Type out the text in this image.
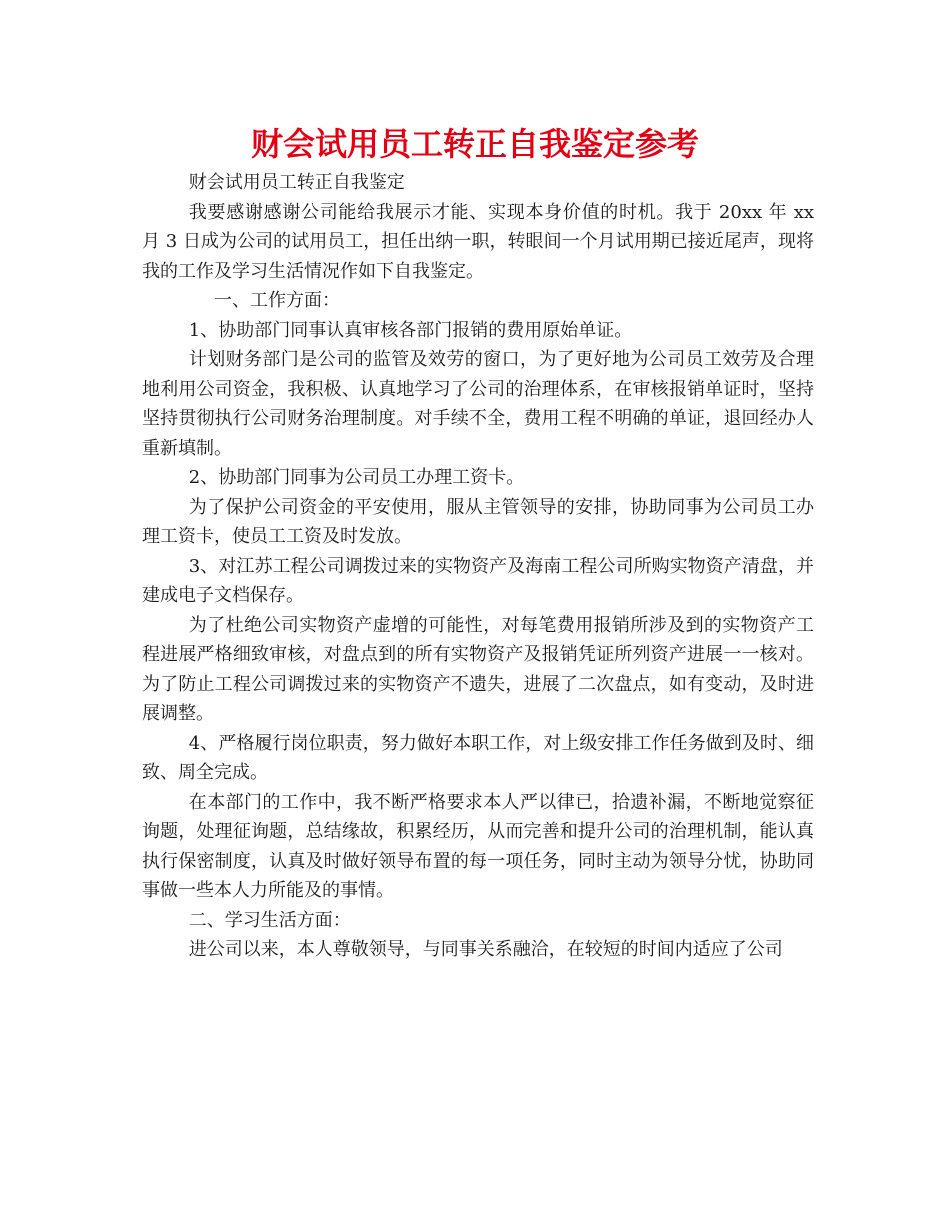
财会试用员工转正自我鉴定参考

财会试用员工转正自我鉴定

我要感谢感谢公司能给我展示才能、实现本身价值的时机。我于 20xx 年 xx 月 3 日成为公司的试用员工，担任出纳一职，转眼间一个月试用期已接近尾声，现将我的工作及学习生活情况作如下自我鉴定。

一、工作方面：

1、协助部门同事认真审核各部门报销的费用原始单证。

计划财务部门是公司的监管及效劳的窗口，为了更好地为公司员工效劳及合理地利用公司资金，我积极、认真地学习了公司的治理体系，在审核报销单证时，坚持坚持贯彻执行公司财务治理制度。对手续不全，费用工程不明确的单证，退回经办人重新填制。

2、协助部门同事为公司员工办理工资卡。

为了保护公司资金的平安使用，服从主管领导的安排，协助同事为公司员工办理工资卡，使员工工资及时发放。

3、对江苏工程公司调拨过来的实物资产及海南工程公司所购实物资产清盘，并建成电子文档保存。

为了杜绝公司实物资产虚增的可能性，对每笔费用报销所涉及到的实物资产工程进展严格细致审核，对盘点到的所有实物资产及报销凭证所列资产进展一一核对。为了防止工程公司调拨过来的实物资产不遗失，进展了二次盘点，如有变动，及时进展调整。

4、严格履行岗位职责，努力做好本职工作，对上级安排工作任务做到及时、细致、周全完成。

在本部门的工作中，我不断严格要求本人严以律已，拾遗补漏，不断地觉察征询题，处理征询题，总结缘故，积累经历，从而完善和提升公司的治理机制，能认真执行保密制度，认真及时做好领导布置的每一项任务，同时主动为领导分忧，协助同事做一些本人力所能及的事情。

二、学习生活方面：

进公司以来，本人尊敬领导，与同事关系融洽，在较短的时间内适应了公司
